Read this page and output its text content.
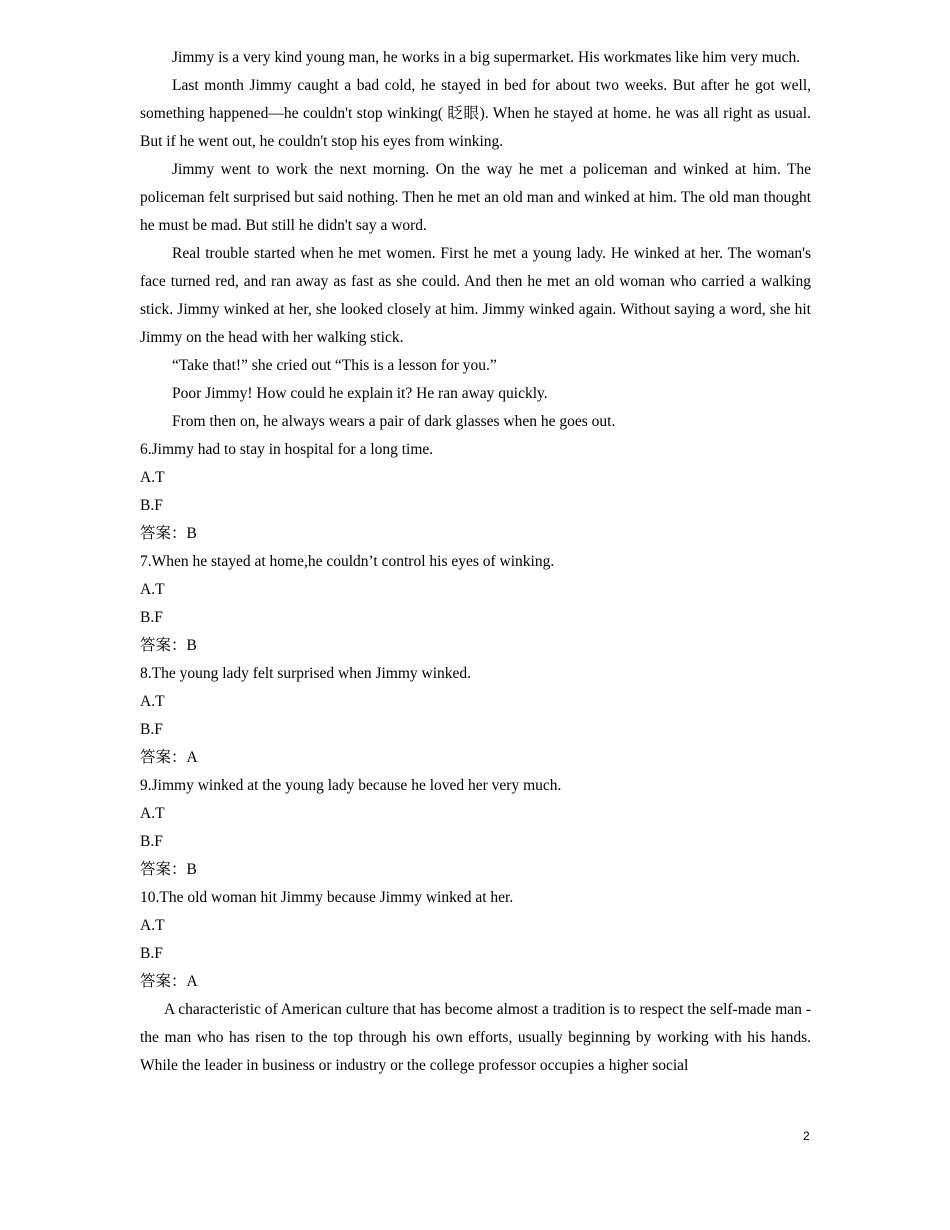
Jimmy is a very kind young man, he works in a big supermarket. His workmates like him very much.

Last month Jimmy caught a bad cold, he stayed in bed for about two weeks. But after he got well, something happened—he couldn't stop winking( 眨眼). When he stayed at home. he was all right as usual. But if he went out, he couldn't stop his eyes from winking.

Jimmy went to work the next morning. On the way he met a policeman and winked at him. The policeman felt surprised but said nothing. Then he met an old man and winked at him. The old man thought he must be mad. But still he didn't say a word.

Real trouble started when he met women. First he met a young lady. He winked at her. The woman's face turned red, and ran away as fast as she could. And then he met an old woman who carried a walking stick. Jimmy winked at her, she looked closely at him. Jimmy winked again. Without saying a word, she hit Jimmy on the head with her walking stick.

“Take that!” she cried out “This is a lesson for you.”

Poor Jimmy! How could he explain it? He ran away quickly.

From then on, he always wears a pair of dark glasses when he goes out.

6.Jimmy had to stay in hospital for a long time.

A.T

B.F

答案：B

7.When he stayed at home,he couldn’t control his eyes of winking.

A.T

B.F

答案：B

8.The young lady felt surprised when Jimmy winked.

A.T

B.F

答案：A

9.Jimmy winked at the young lady because he loved her very much.

A.T

B.F

答案：B

10.The old woman hit Jimmy because Jimmy winked at her.

A.T

B.F

答案：A

A characteristic of American culture that has become almost a tradition is to respect the self-made man - the man who has risen to the top through his own efforts, usually beginning by working with his hands. While the leader in business or industry or the college professor occupies a higher social

2
